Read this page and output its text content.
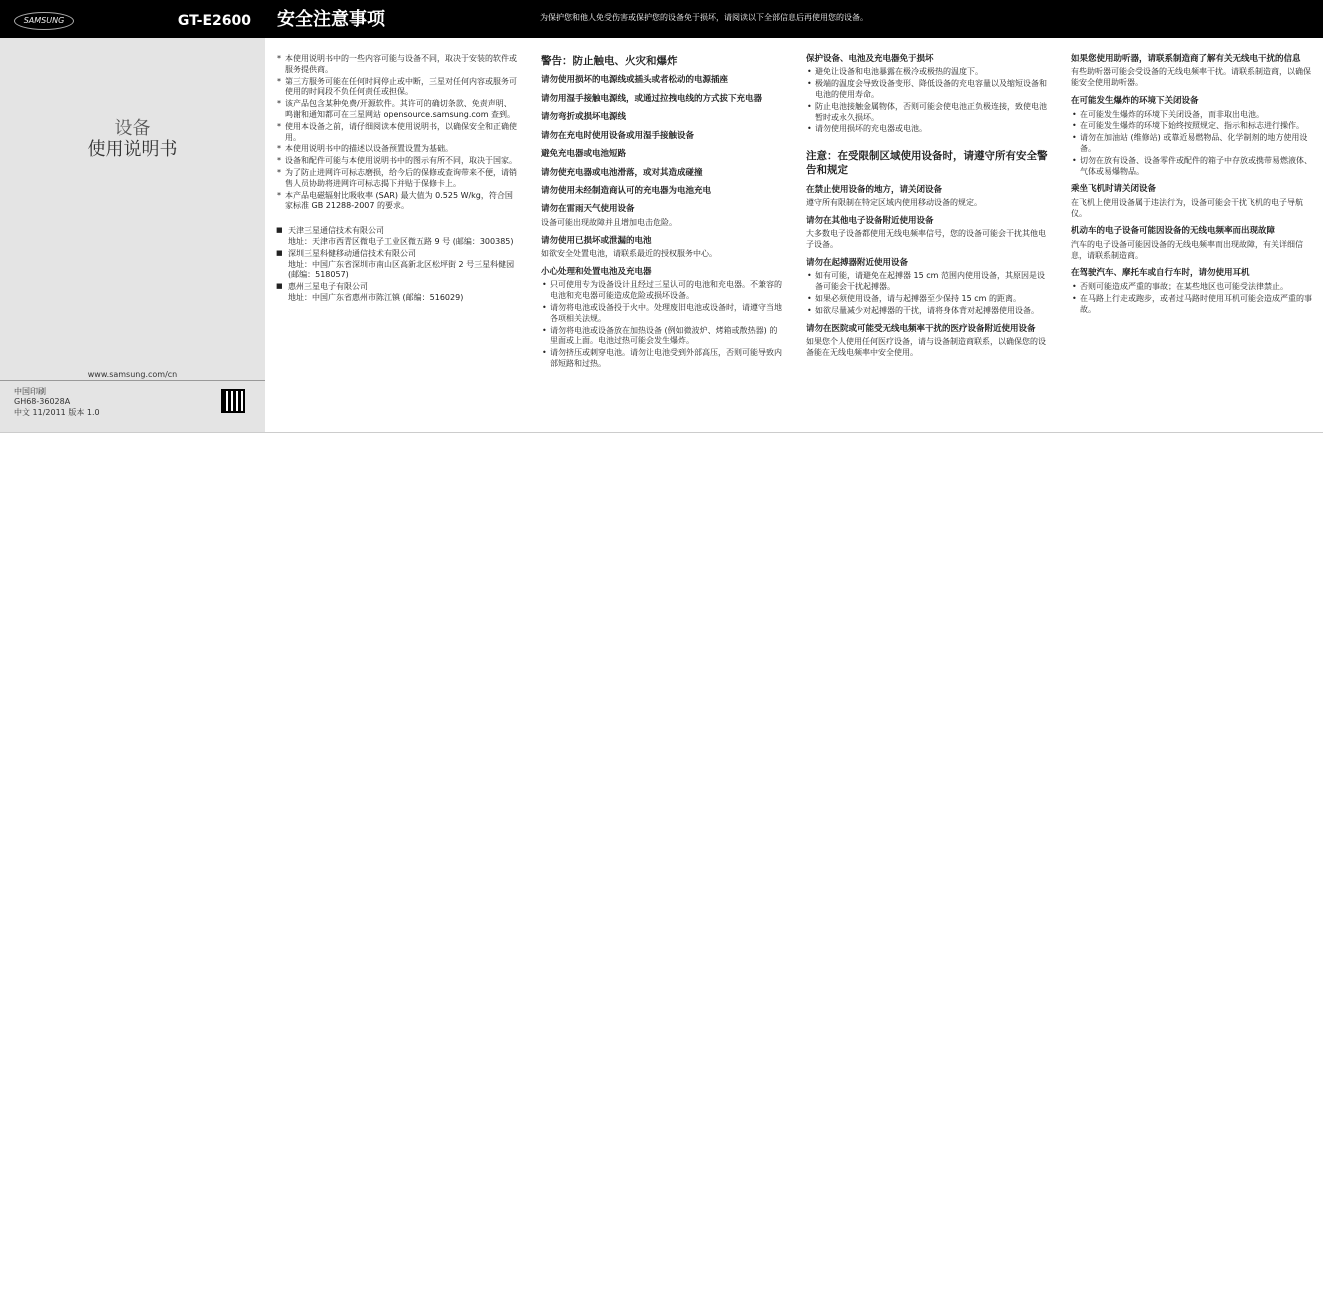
SAMSUNG	GT-E2600
设备
使用说明书
www.samsung.com/cn
中国印刷
GH68-36028A
中文 11/2011 版本 1.0
安全注意事项	为保护您和他人免受伤害或保护您的设备免于损坏，请阅读以下全部信息后再使用您的设备。
* 本使用说明书中的一些内容可能与设备不同，取决于安装的软件或服务提供商。
* 第三方服务可能在任何时间停止或中断，三星对任何内容或服务可使用的时间段不负任何责任或担保。
* 该产品包含某种免费/开源软件。其许可的确切条款、免责声明、鸣谢和通知都可在三星网站 opensource.samsung.com 查到。
* 使用本设备之前，请仔细阅读本使用说明书，以确保安全和正确使用。
* 本使用说明书中的描述以设备预置设置为基础。
* 设备和配件可能与本使用说明书中的图示有所不同，取决于国家。
* 为了防止进网许可标志磨损，给今后的保修或查询带来不便，请销售人员协助将进网许可标志揭下并贴于保修卡上。
* 本产品电磁辐射比吸收率 (SAR) 最大值为 0.525 W/kg，符合国家标准 GB 21288-2007 的要求。
■ 天津三星通信技术有限公司
地址：天津市西青区微电子工业区微五路 9 号 (邮编：300385)
■ 深圳三星科健移动通信技术有限公司
地址：中国广东省深圳市南山区高新北区松坪街 2 号三星科健园 (邮编：518057)
■ 惠州三星电子有限公司
地址：中国广东省惠州市陈江镇 (邮编：516029)
警告：防止触电、火灾和爆炸
请勿使用损坏的电源线或插头或者松动的电源插座
请勿用湿手接触电源线，或通过拉拽电线的方式拔下充电器
请勿弯折或损坏电源线
请勿在充电时使用设备或用湿手接触设备
避免充电器或电池短路
请勿使充电器或电池滑落，或对其造成碰撞
请勿使用未经制造商认可的充电器为电池充电
请勿在雷雨天气使用设备

设备可能出现故障并且增加电击危险。

请勿使用已损坏或泄漏的电池

如欲安全处置电池，请联系最近的授权服务中心。

小心处理和处置电池及充电器
• 只可使用专为设备设计且经过三星认可的电池和充电器。不兼容的电池和充电器可能造成危险或损坏设备。
• 请勿将电池或设备投于火中。处理废旧电池或设备时，请遵守当地各项相关法规。
• 请勿将电池或设备放在加热设备 (例如微波炉、烤箱或散热器) 的里面或上面。电池过热可能会发生爆炸。
• 请勿挤压或刺穿电池。请勿让电池受到外部高压，否则可能导致内部短路和过热。
保护设备、电池及充电器免于损坏
• 避免让设备和电池暴露在极冷或极热的温度下。
• 极端的温度会导致设备变形、降低设备的充电容量以及缩短设备和电池的使用寿命。
• 防止电池接触金属物体，否则可能会使电池正负极连接，致使电池暂时或永久损坏。
• 请勿使用损坏的充电器或电池。
注意：在受限制区域使用设备时，请遵守所有安全警告和规定
在禁止使用设备的地方，请关闭设备

遵守所有限制在特定区域内使用移动设备的规定。

请勿在其他电子设备附近使用设备

大多数电子设备都使用无线电频率信号，您的设备可能会干扰其他电子设备。

请勿在起搏器附近使用设备
• 如有可能，请避免在起搏器 15 cm 范围内使用设备，其原因是设备可能会干扰起搏器。
• 如果必须使用设备，请与起搏器至少保持 15 cm 的距离。
• 如欲尽量减少对起搏器的干扰，请将身体背对起搏器使用设备。
请勿在医院或可能受无线电频率干扰的医疗设备附近使用设备

如果您个人使用任何医疗设备，请与设备制造商联系，以确保您的设备能在无线电频率中安全使用。

如果您使用助听器，请联系制造商了解有关无线电干扰的信息

有些助听器可能会受设备的无线电频率干扰。请联系制造商，以确保能安全使用助听器。

在可能发生爆炸的环境下关闭设备
• 在可能发生爆炸的环境下关闭设备，而非取出电池。
• 在可能发生爆炸的环境下始终按照规定、指示和标志进行操作。
• 请勿在加油站 (维修站) 或靠近易燃物品、化学制剂的地方使用设备。
• 切勿在放有设备、设备零件或配件的箱子中存放或携带易燃液体、气体或易爆物品。
乘坐飞机时请关闭设备

在飞机上使用设备属于违法行为，设备可能会干扰飞机的电子导航仪。

机动车的电子设备可能因设备的无线电频率而出现故障

汽车的电子设备可能因设备的无线电频率而出现故障，有关详细信息，请联系制造商。

在驾驶汽车、摩托车或自行车时，请勿使用耳机
• 否则可能造成严重的事故；在某些地区也可能受法律禁止。
• 在马路上行走或跑步，或者过马路时使用耳机可能会造成严重的事故。
